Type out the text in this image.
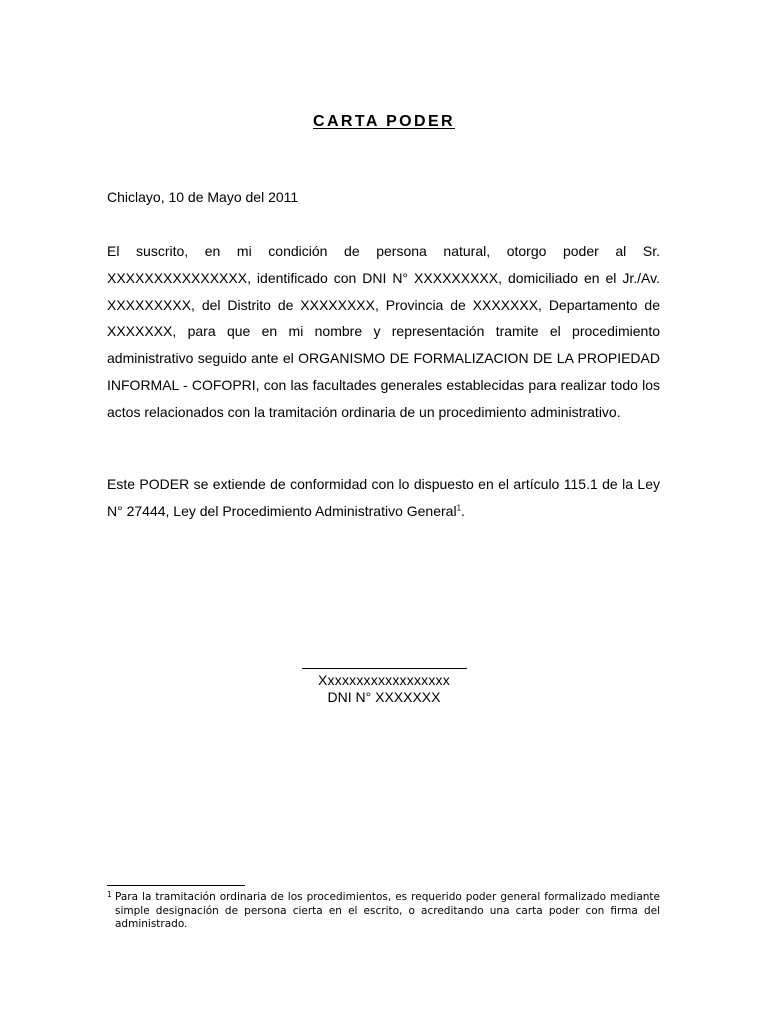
CARTA PODER
Chiclayo, 10 de Mayo del 2011

El suscrito, en mi condición de persona natural, otorgo poder al Sr. XXXXXXXXXXXXXXX, identificado con DNI N° XXXXXXXXX, domiciliado en el Jr./Av. XXXXXXXXX, del Distrito de XXXXXXXX, Provincia de XXXXXXX, Departamento de XXXXXXX, para que en mi nombre y representación tramite el procedimiento administrativo seguido ante el ORGANISMO DE FORMALIZACION DE LA PROPIEDAD INFORMAL - COFOPRI, con las facultades generales establecidas para realizar todo los actos relacionados con la tramitación ordinaria de un procedimiento administrativo.

Este PODER se extiende de conformidad con lo dispuesto en el artículo 115.1 de la Ley N° 27444, Ley del Procedimiento Administrativo General$^1$.

Xxxxxxxxxxxxxxxxxx
DNI N° XXXXXXX
1 Para la tramitación ordinaria de los procedimientos, es requerido poder general formalizado mediante simple designación de persona cierta en el escrito, o acreditando una carta poder con firma del administrado.
